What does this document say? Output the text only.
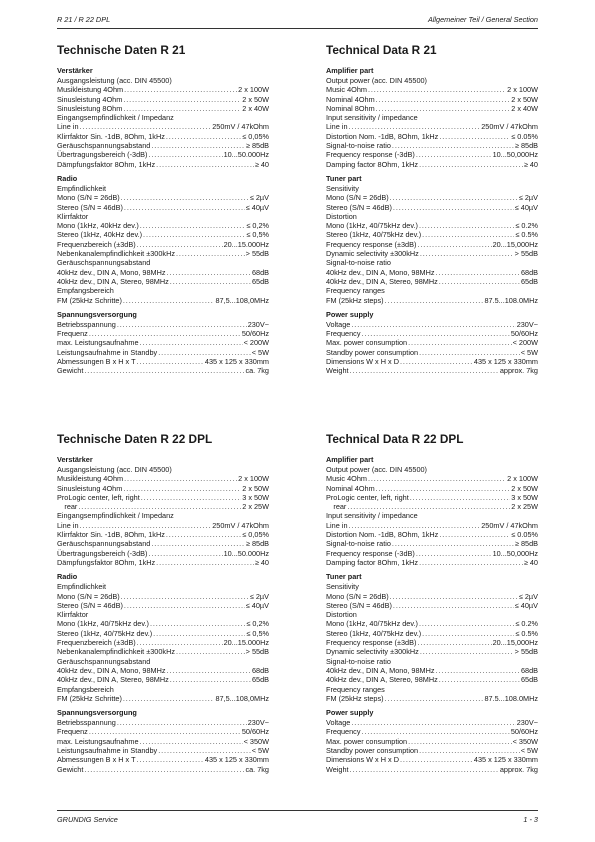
R 21 / R 22 DPL	Allgemeiner Teil / General Section
Technische Daten R 21
Verstärker
Ausgangsleistung (acc. DIN 45500)
Musikleistung 4Ohm .....	2 x 100W
Sinusleistung 4Ohm .....	2 x 50W
Sinusleistung 8Ohm .....	2 x 40W
Eingangsempfindlichkeit / Impedanz
Line in .....	250mV / 47kOhm
Klirrfaktor Sin. -1dB, 8Ohm, 1kHz .....	≤ 0,05%
Geräuschspannungsabstand .....	≥ 85dB
Übertragungsbereich (-3dB) .....	10...50.000Hz
Dämpfungsfaktor 8Ohm, 1kHz .....	≥ 40
Radio
Empfindlichkeit
Mono (S/N = 26dB) .....	≤ 2µV
Stereo (S/N = 46dB) .....	≤ 40µV
Klirrfaktor
Mono (1kHz, 40kHz dev.) .....	≤ 0,2%
Stereo (1kHz, 40kHz dev.) .....	≤ 0,5%
Frequenzbereich (±3dB) .....	20...15.000Hz
Nebenkanalempfindlichkeit ±300kHz .....	> 55dB
Geräuschspannungsabstand
40kHz dev., DIN A, Mono, 98MHz .....	68dB
40kHz dev., DIN A, Stereo, 98MHz .....	65dB
Empfangsbereich
FM (25kHz Schritte) .....	87,5...108,0MHz
Spannungsversorgung
Betriebsspannung .....	230V~
Frequenz .....	50/60Hz
max. Leistungsaufnahme .....	< 200W
Leistungsaufnahme in Standby .....	< 5W
Abmessungen B x H x T .....	435 x 125 x 330mm
Gewicht .....	ca. 7kg
Technical Data R 21
Amplifier part
Output power (acc. DIN 45500)
Music 4Ohm .....	2 x 100W
Nominal 4Ohm .....	2 x 50W
Nominal 8Ohm .....	2 x 40W
Input sensitivity / impedance
Line in .....	250mV / 47kOhm
Distortion Nom. -1dB, 8Ohm, 1kHz .....	≤ 0.05%
Signal-to-noise ratio .....	≥ 85dB
Frequency response (-3dB) .....	10...50,000Hz
Damping factor 8Ohm, 1kHz .....	≥ 40
Tuner part
Sensitivity
Mono (S/N = 26dB) .....	≤ 2µV
Stereo (S/N = 46dB) .....	≤ 40µV
Distortion
Mono (1kHz, 40/75kHz dev.) .....	≤ 0.2%
Stereo (1kHz, 40/75kHz dev.) .....	≤ 0.5%
Frequency response (±3dB) .....	20...15,000Hz
Dynamic selectivity ±300kHz .....	> 55dB
Signal-to-noise ratio
40kHz dev., DIN A, Mono, 98MHz .....	68dB
40kHz dev., DIN A, Stereo, 98MHz .....	65dB
Frequency ranges
FM (25kHz steps) .....	87.5...108.0MHz
Power supply
Voltage .....	230V~
Frequency .....	50/60Hz
Max. power consumption .....	< 200W
Standby power consumption .....	< 5W
Dimensions W x H x D .....	435 x 125 x 330mm
Weight .....	approx. 7kg
Technische Daten R 22 DPL
Verstärker
Ausgangsleistung (acc. DIN 45500)
Musikleistung 4Ohm .....	2 x 100W
Sinusleistung 4Ohm .....	2 x 50W
ProLogic center, left, right .....	3 x 50W
rear .....	2 x 25W
Eingangsempfindlichkeit / Impedanz
Line in .....	250mV / 47kOhm
Klirrfaktor Sin. -1dB, 8Ohm, 1kHz .....	≤ 0,05%
Geräuschspannungsabstand .....	≥ 85dB
Übertragungsbereich (-3dB) .....	10...50.000Hz
Dämpfungsfaktor 8Ohm, 1kHz .....	≥ 40
Radio
Empfindlichkeit
Mono (S/N = 26dB) .....	≤ 2µV
Stereo (S/N = 46dB) .....	≤ 40µV
Klirrfaktor
Mono (1kHz, 40/75kHz dev.) .....	≤ 0,2%
Stereo (1kHz, 40/75kHz dev.) .....	≤ 0,5%
Frequenzbereich (±3dB) .....	20...15.000Hz
Nebenkanalempfindlichkeit ±300kHz .....	> 55dB
Geräuschspannungsabstand
40kHz dev., DIN A, Mono, 98MHz .....	68dB
40kHz dev., DIN A, Stereo, 98MHz .....	65dB
Empfangsbereich
FM (25kHz Schritte) .....	87,5...108,0MHz
Spannungsversorgung
Betriebsspannung .....	230V~
Frequenz .....	50/60Hz
max. Leistungsaufnahme .....	< 350W
Leistungsaufnahme in Standby .....	< 5W
Abmessungen B x H x T .....	435 x 125 x 330mm
Gewicht .....	ca. 7kg
Technical Data R 22 DPL
Amplifier part
Output power (acc. DIN 45500)
Music 4Ohm .....	2 x 100W
Nominal 4Ohm .....	2 x 50W
ProLogic center, left, right .....	3 x 50W
rear .....	2 x 25W
Input sensitivity / impedance
Line in .....	250mV / 47kOhm
Distortion Nom. -1dB, 8Ohm, 1kHz .....	≤ 0.05%
Signal-to-noise ratio .....	≥ 85dB
Frequency response (-3dB) .....	10...50,000Hz
Damping factor 8Ohm, 1kHz .....	≥ 40
Tuner part
Sensitivity
Mono (S/N = 26dB) .....	≤ 2µV
Stereo (S/N = 46dB) .....	≤ 40µV
Distortion
Mono (1kHz, 40/75kHz dev.) .....	≤ 0.2%
Stereo (1kHz, 40/75kHz dev.) .....	≤ 0.5%
Frequency response (±3dB) .....	20...15,000Hz
Dynamic selectivity ±300kHz .....	> 55dB
Signal-to-noise ratio
40kHz dev., DIN A, Mono, 98MHz .....	68dB
40kHz dev., DIN A, Stereo, 98MHz .....	65dB
Frequency ranges
FM (25kHz steps) .....	87.5...108.0MHz
Power supply
Voltage .....	230V~
Frequency .....	50/60Hz
Max. power consumption .....	< 350W
Standby power consumption .....	< 5W
Dimensions W x H x D .....	435 x 125 x 330mm
Weight .....	approx. 7kg
GRUNDIG Service	1 - 3
